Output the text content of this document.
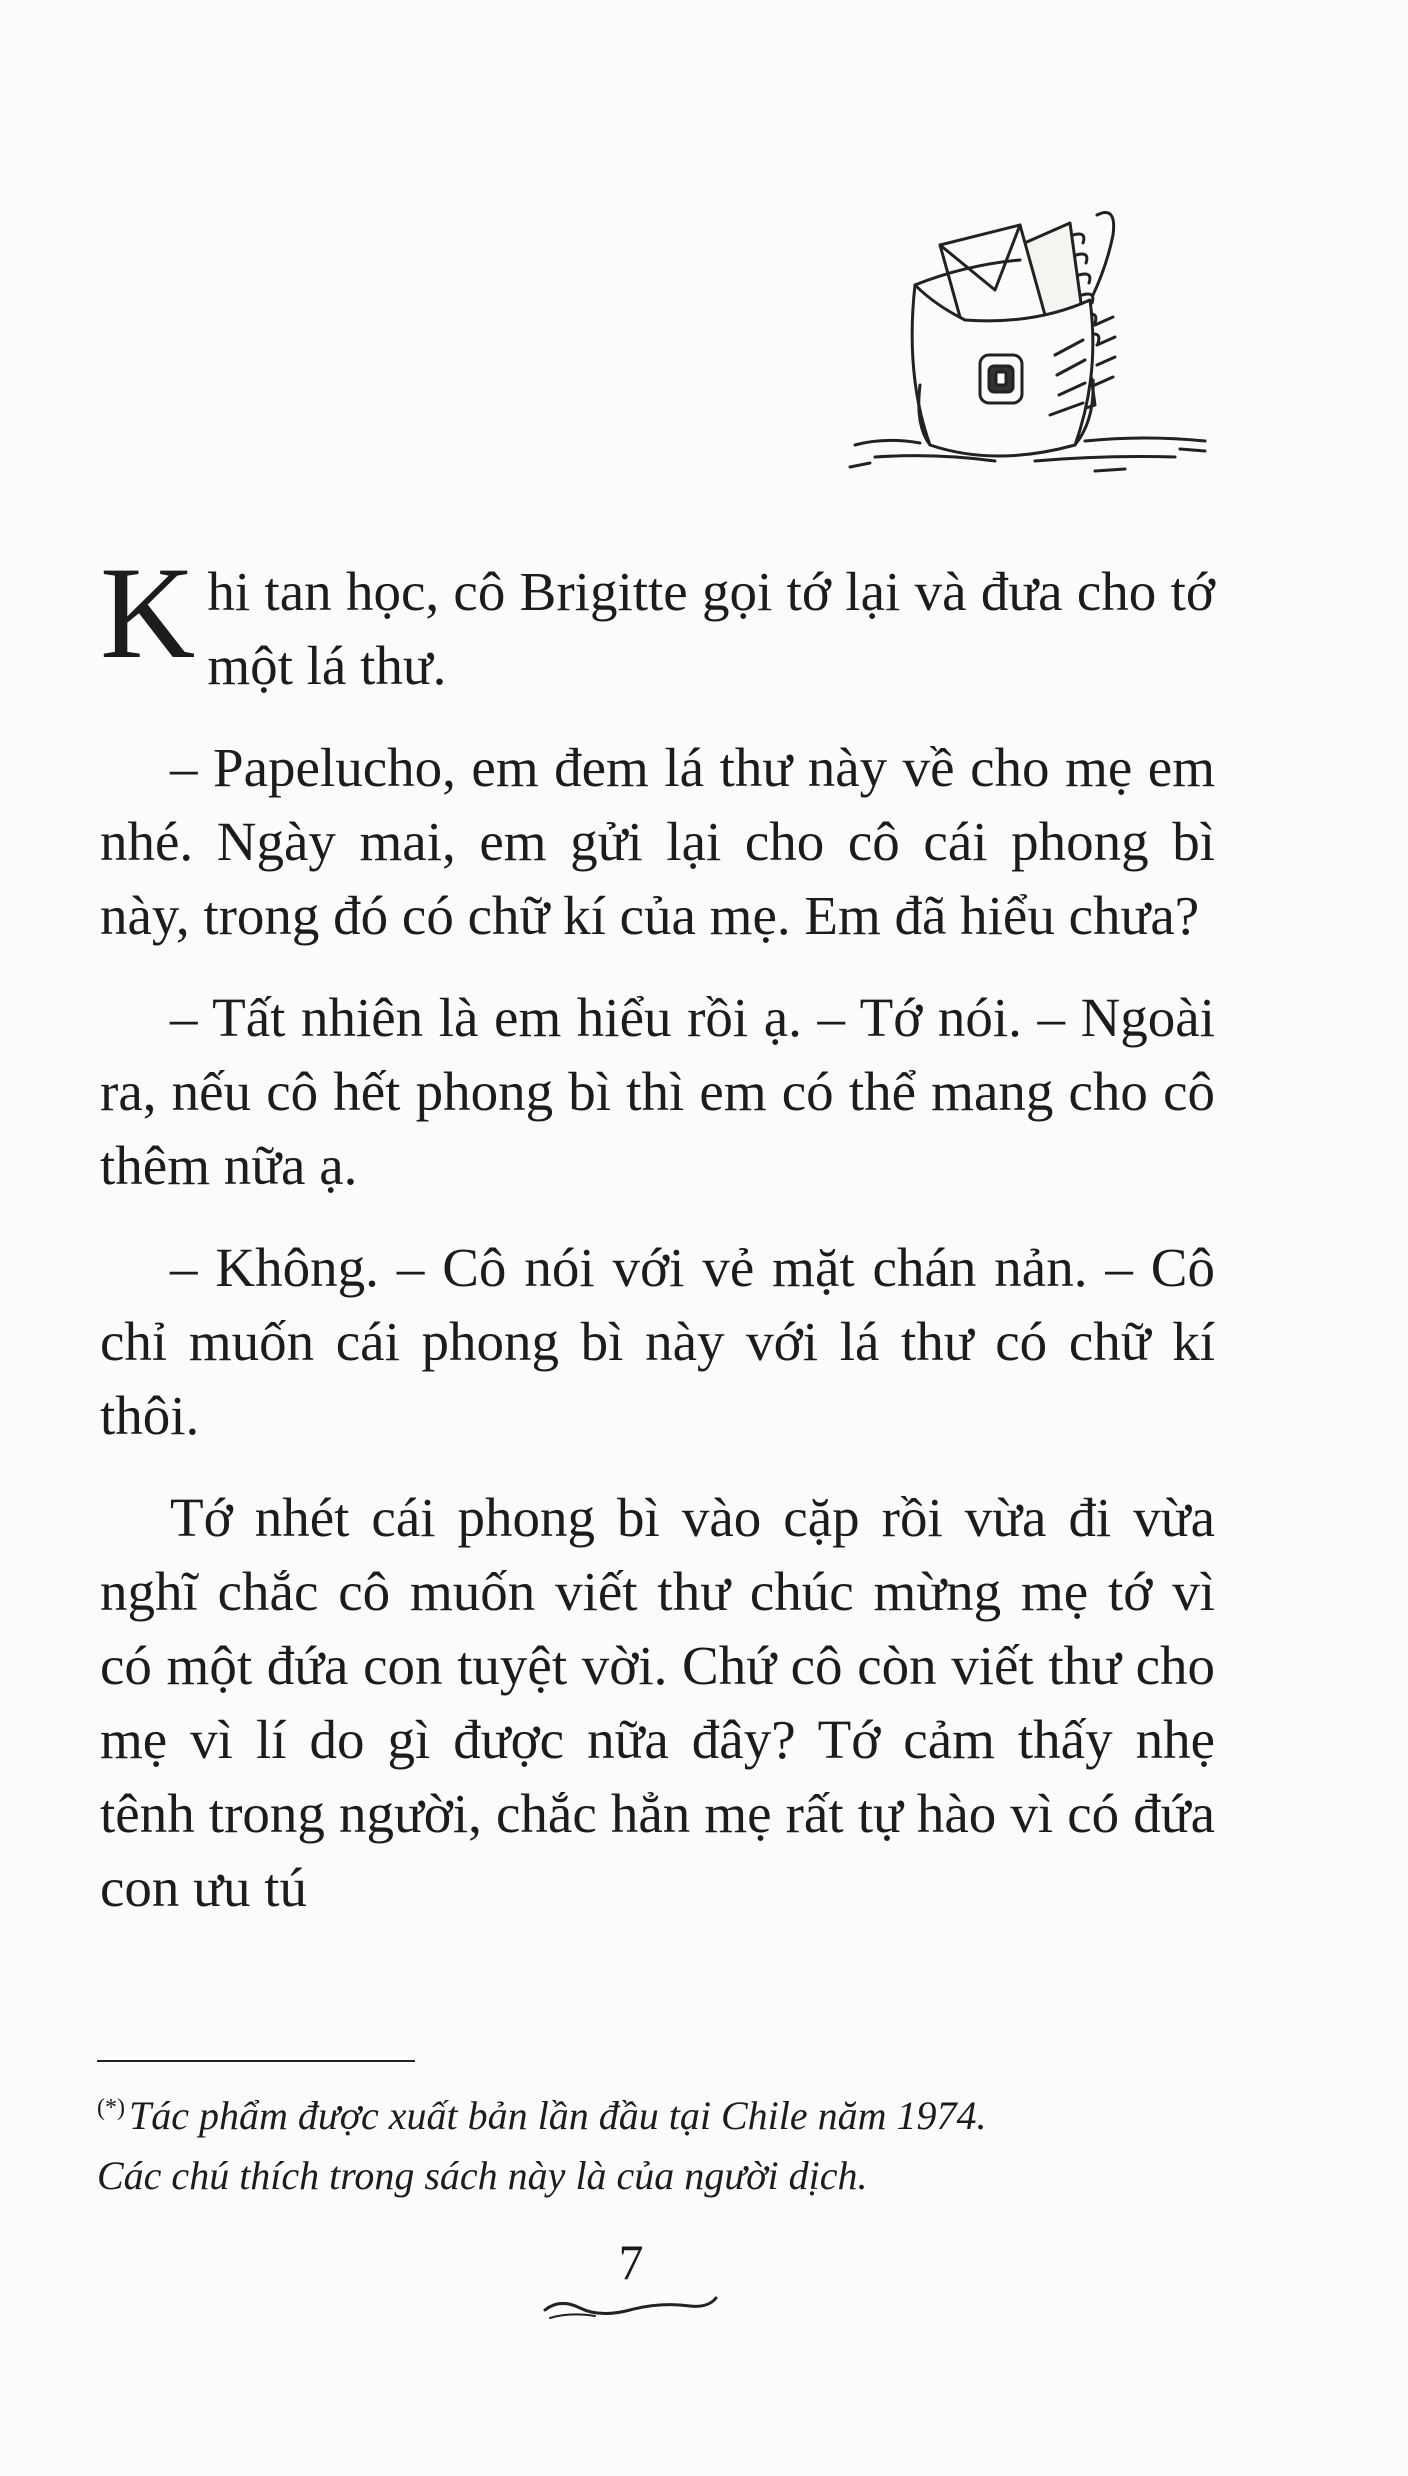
Khi tan học, cô Brigitte gọi tớ lại và đưa cho tớ một lá thư.

– Papelucho, em đem lá thư này về cho mẹ em nhé. Ngày mai, em gửi lại cho cô cái phong bì này, trong đó có chữ kí của mẹ. Em đã hiểu chưa?

– Tất nhiên là em hiểu rồi ạ. – Tớ nói. – Ngoài ra, nếu cô hết phong bì thì em có thể mang cho cô thêm nữa ạ.

– Không. – Cô nói với vẻ mặt chán nản. – Cô chỉ muốn cái phong bì này với lá thư có chữ kí thôi.

Tớ nhét cái phong bì vào cặp rồi vừa đi vừa nghĩ chắc cô muốn viết thư chúc mừng mẹ tớ vì có một đứa con tuyệt vời. Chứ cô còn viết thư cho mẹ vì lí do gì được nữa đây? Tớ cảm thấy nhẹ tênh trong người, chắc hẳn mẹ rất tự hào vì có đứa con ưu tú

(*) Tác phẩm được xuất bản lần đầu tại Chile năm 1974.
Các chú thích trong sách này là của người dịch.
7
